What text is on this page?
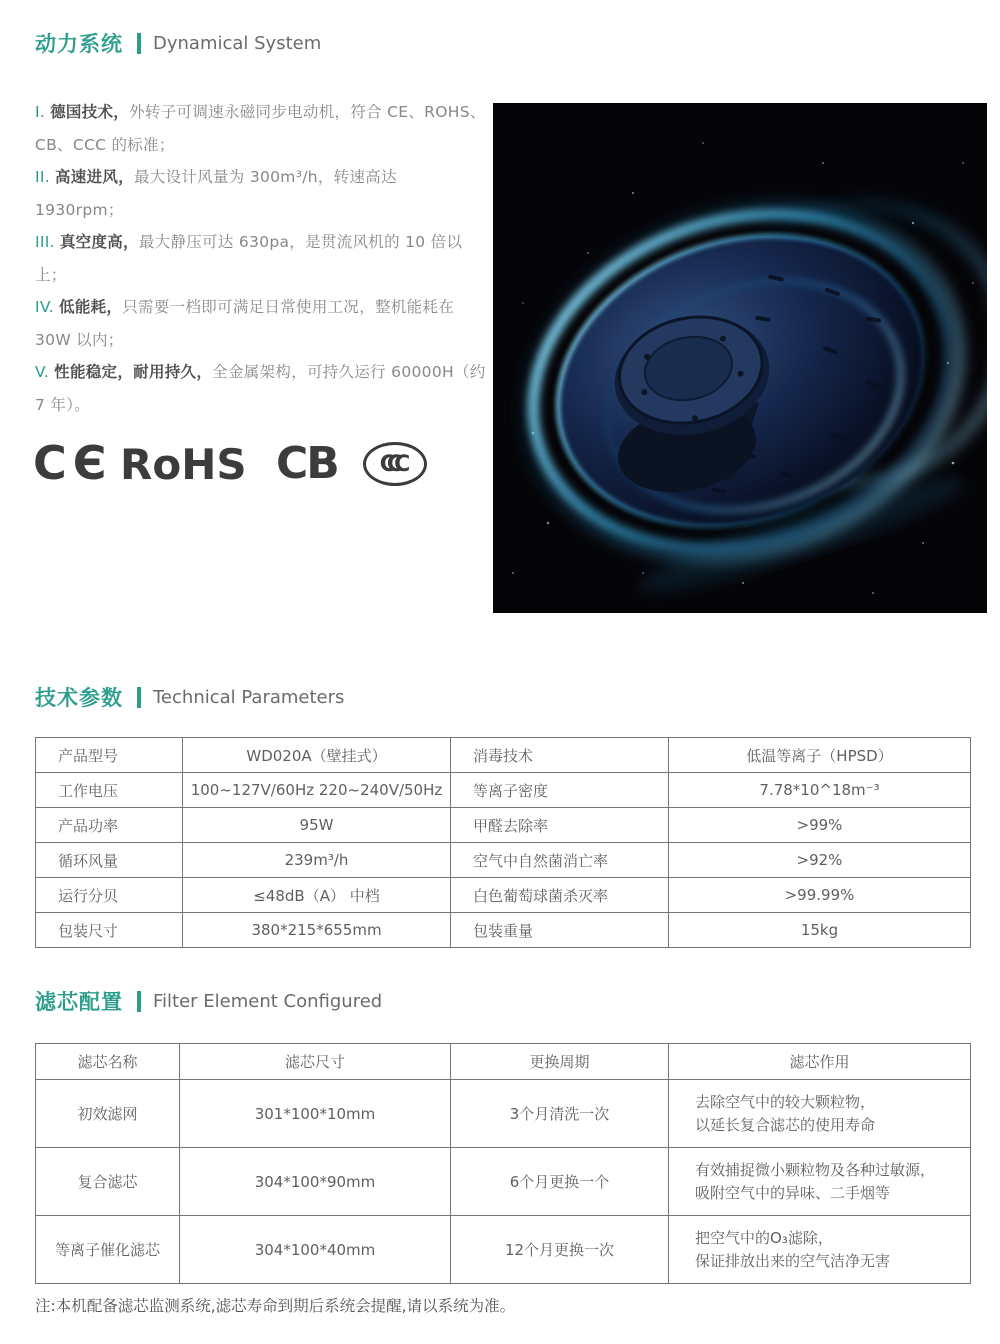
动力系统 Dynamical System

I. 德国技术，外转子可调速永磁同步电动机，符合 CE、ROHS、CB、CCC 的标准；

II. 高速进风，最大设计风量为 300m³/h，转速高达 1930rpm；

III. 真空度高，最大静压可达 630pa，是贯流风机的 10 倍以上；

IV. 低能耗，只需要一档即可满足日常使用工况，整机能耗在 30W 以内；

V. 性能稳定，耐用持久，全金属架构，可持久运行 60000H（约 7 年）。

CЄ RoHS CB CCC
技术参数 Technical Parameters
产品型号	WD020A（壁挂式）	消毒技术	低温等离子（HPSD）
工作电压	100~127V/60Hz 220~240V/50Hz	等离子密度	7.78*10^18m⁻³
产品功率	95W	甲醛去除率	>99%
循环风量	239m³/h	空气中自然菌消亡率	>92%
运行分贝	≤48dB（A） 中档	白色葡萄球菌杀灭率	>99.99%
包装尺寸	380*215*655mm	包装重量	15kg
滤芯配置 Filter Element Configured
滤芯名称	滤芯尺寸	更换周期	滤芯作用
初效滤网	301*100*10mm	3个月清洗一次	去除空气中的较大颗粒物，
以延长复合滤芯的使用寿命

复合滤芯	304*100*90mm	6个月更换一个	有效捕捉微小颗粒物及各种过敏源，
吸附空气中的异味、二手烟等

等离子催化滤芯	304*100*40mm	12个月更换一次	把空气中的O₃滤除，
保证排放出来的空气洁净无害
注:本机配备滤芯监测系统,滤芯寿命到期后系统会提醒,请以系统为准。
